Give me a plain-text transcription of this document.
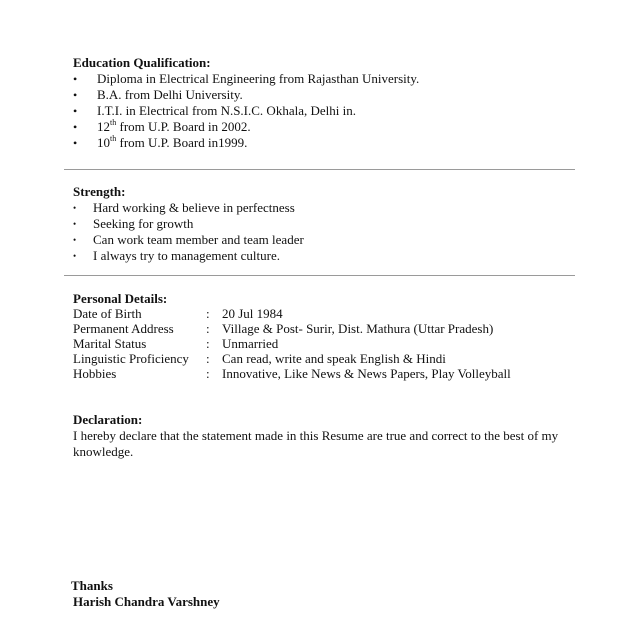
Education Qualification:
• Diploma in Electrical Engineering from Rajasthan University.
• B.A. from Delhi University.
• I.T.I. in Electrical from N.S.I.C. Okhala, Delhi in.
• 12th from U.P. Board in 2002.
• 10th from U.P. Board in1999.
Strength:
• Hard working & believe in perfectness
• Seeking for growth
• Can work team member and team leader
• I always try to management culture.
Personal Details:
Date of Birth	: 20 Jul 1984
Permanent Address : Village & Post- Surir, Dist. Mathura (Uttar Pradesh)
Marital Status	: Unmarried
Linguistic Proficiency : Can read, write and speak English & Hindi
Hobbies	: Innovative, Like News & News Papers, Play Volleyball
Declaration:
I hereby declare that the statement made in this Resume are true and correct to the best of my knowledge.
Thanks
Harish Chandra Varshney
